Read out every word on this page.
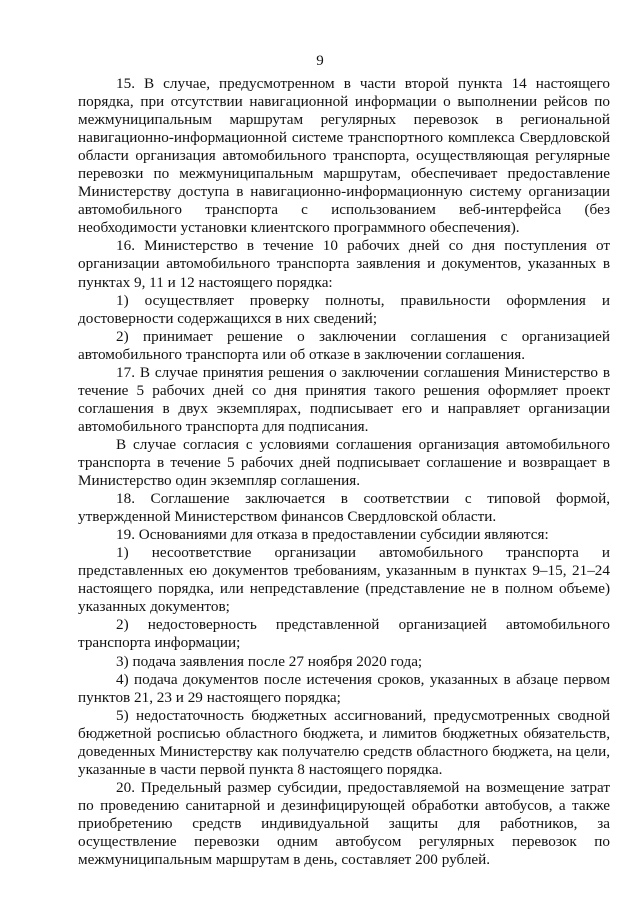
9

15. В случае, предусмотренном в части второй пункта 14 настоящего порядка, при отсутствии навигационной информации о выполнении рейсов по межмуниципальным маршрутам регулярных перевозок в региональной навигационно-информационной системе транспортного комплекса Свердловской области организация автомобильного транспорта, осуществляющая регулярные перевозки по межмуниципальным маршрутам, обеспечивает предоставление Министерству доступа в навигационно-информационную систему организации автомобильного транспорта с использованием веб-интерфейса (без необходимости установки клиентского программного обеспечения).

16. Министерство в течение 10 рабочих дней со дня поступления от организации автомобильного транспорта заявления и документов, указанных в пунктах 9, 11 и 12 настоящего порядка:

1) осуществляет проверку полноты, правильности оформления и достоверности содержащихся в них сведений;

2) принимает решение о заключении соглашения с организацией автомобильного транспорта или об отказе в заключении соглашения.

17. В случае принятия решения о заключении соглашения Министерство в течение 5 рабочих дней со дня принятия такого решения оформляет проект соглашения в двух экземплярах, подписывает его и направляет организации автомобильного транспорта для подписания.

В случае согласия с условиями соглашения организация автомобильного транспорта в течение 5 рабочих дней подписывает соглашение и возвращает в Министерство один экземпляр соглашения.

18. Соглашение заключается в соответствии с типовой формой, утвержденной Министерством финансов Свердловской области.

19. Основаниями для отказа в предоставлении субсидии являются:

1) несоответствие организации автомобильного транспорта и представленных ею документов требованиям, указанным в пунктах 9–15, 21–24 настоящего порядка, или непредставление (представление не в полном объеме) указанных документов;

2) недостоверность представленной организацией автомобильного транспорта информации;

3) подача заявления после 27 ноября 2020 года;

4) подача документов после истечения сроков, указанных в абзаце первом пунктов 21, 23 и 29 настоящего порядка;

5) недостаточность бюджетных ассигнований, предусмотренных сводной бюджетной росписью областного бюджета, и лимитов бюджетных обязательств, доведенных Министерству как получателю средств областного бюджета, на цели, указанные в части первой пункта 8 настоящего порядка.

20. Предельный размер субсидии, предоставляемой на возмещение затрат по проведению санитарной и дезинфицирующей обработки автобусов, а также приобретению средств индивидуальной защиты для работников, за осуществление перевозки одним автобусом регулярных перевозок по межмуниципальным маршрутам в день, составляет 200 рублей.
